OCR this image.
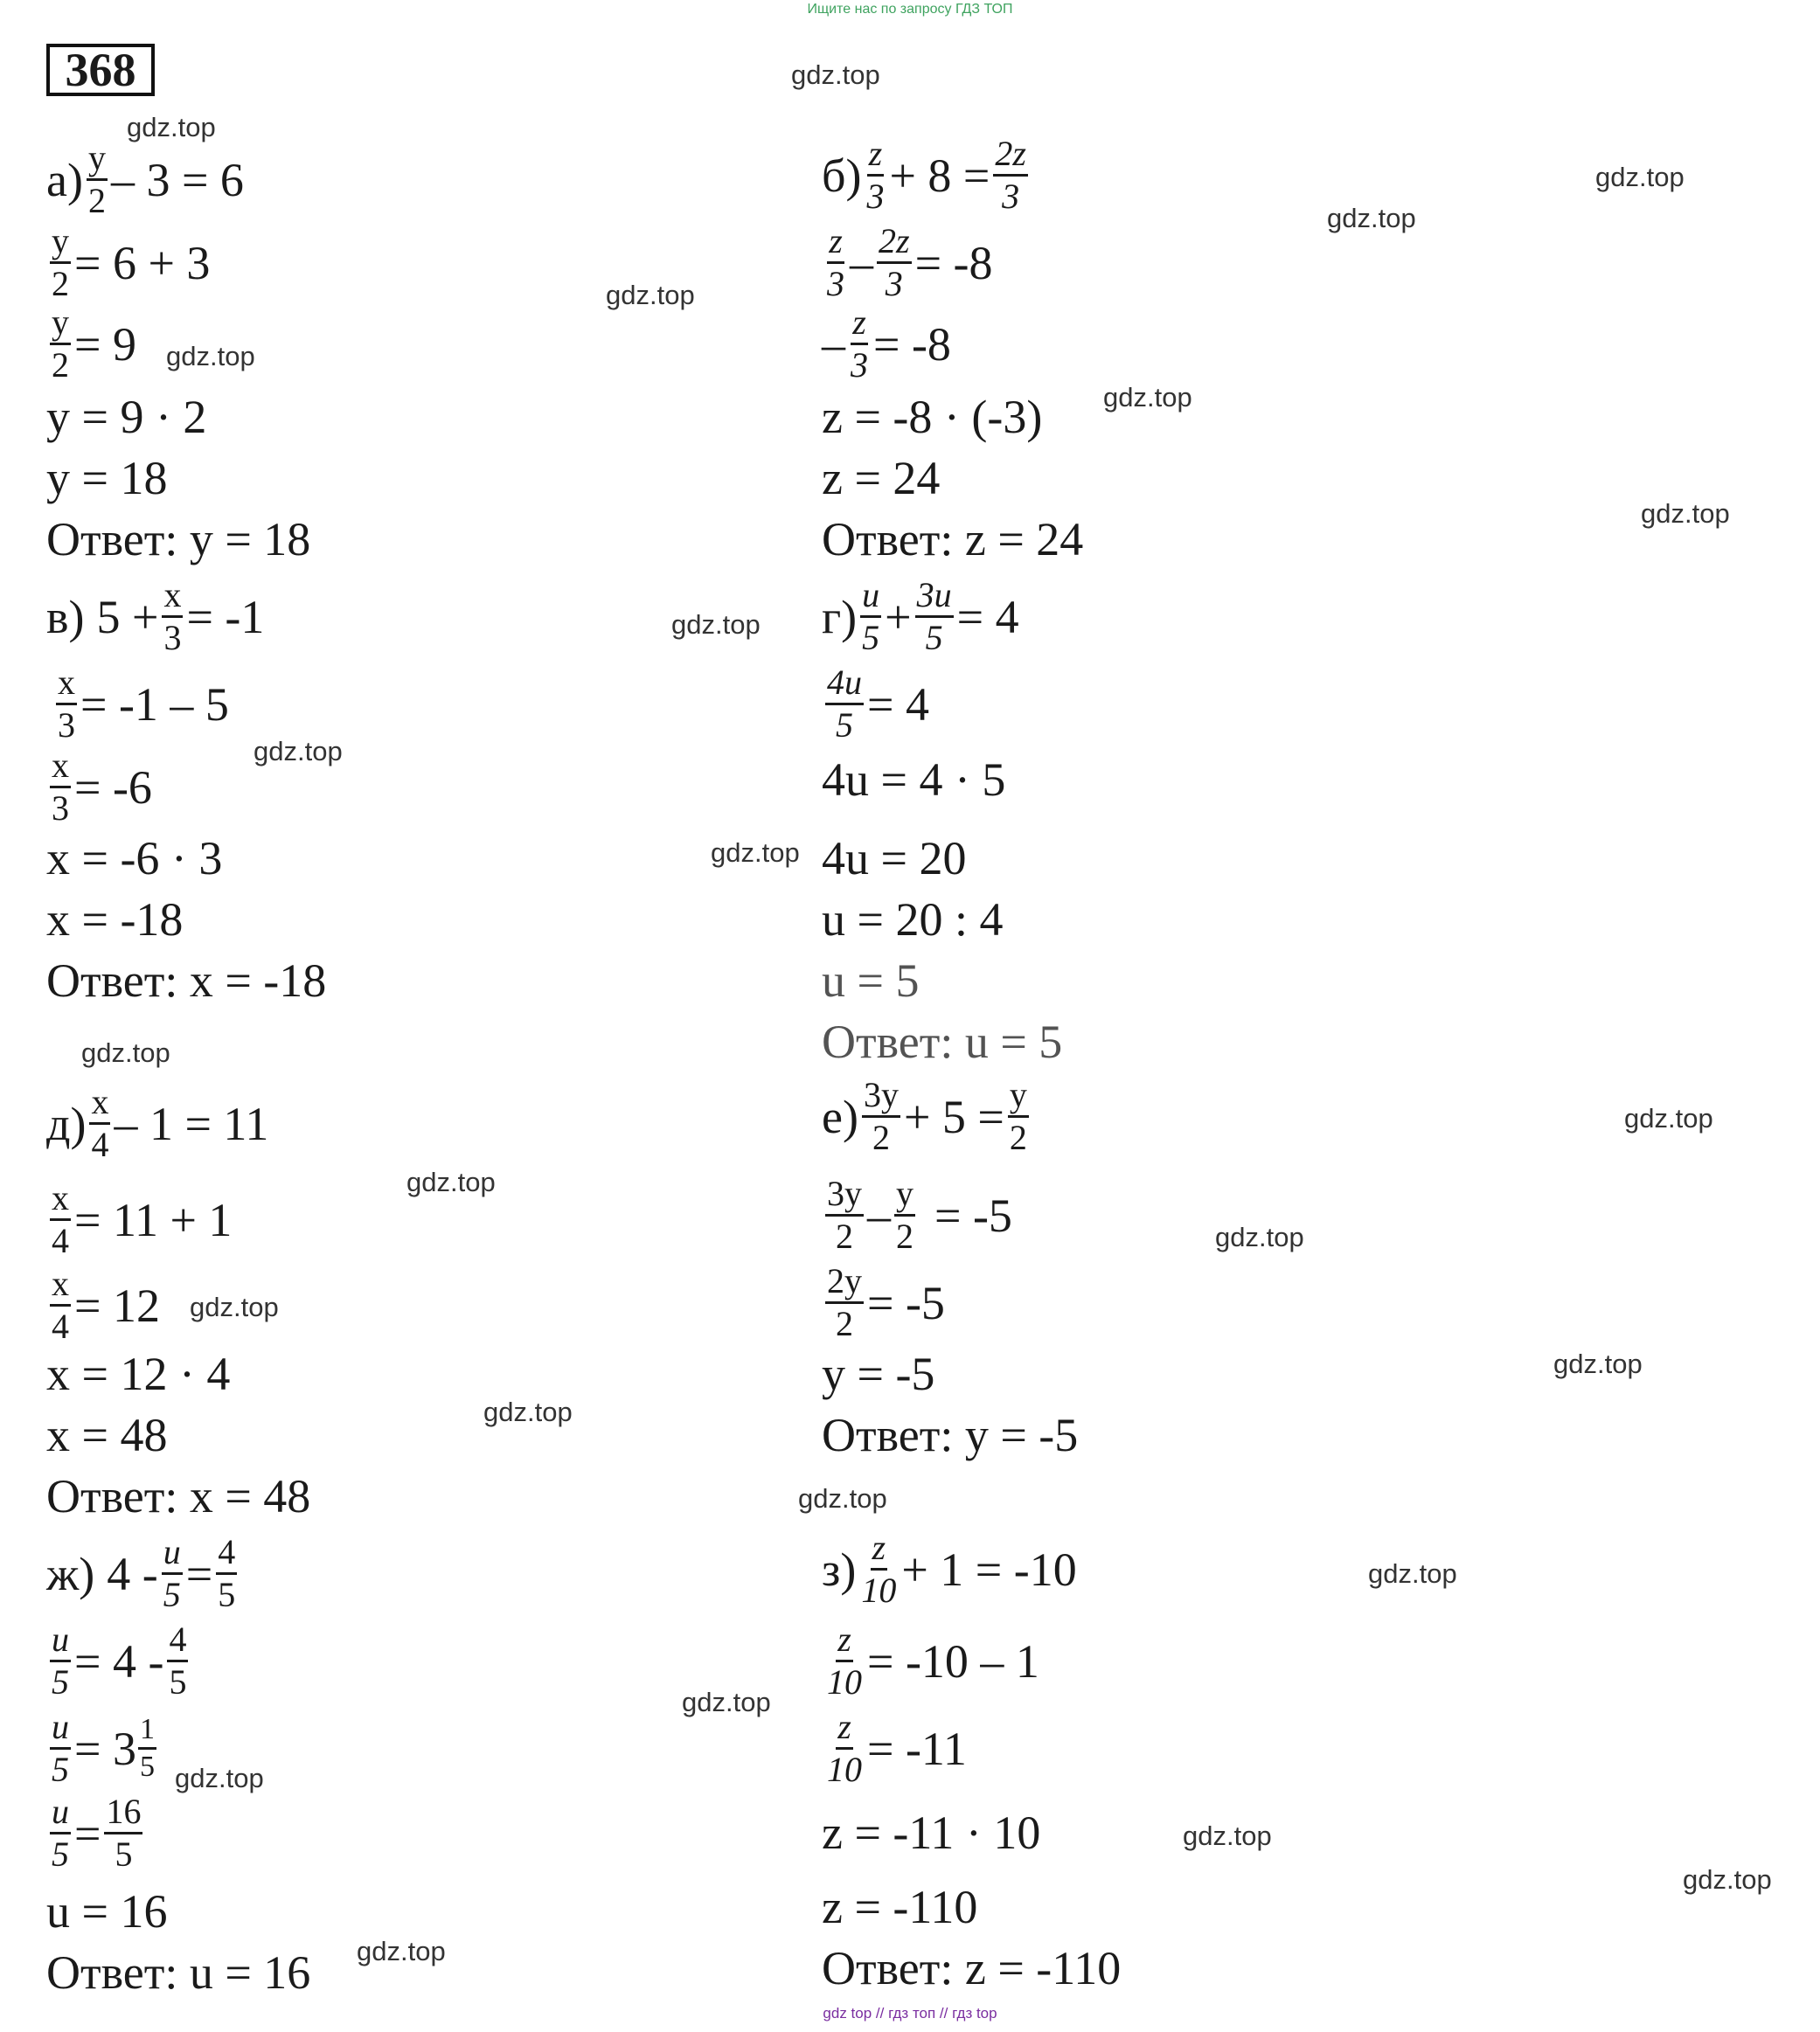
Ищите нас по запросу ГДЗ ТОП
368
$а) \frac{y}{2} - 3 = 6$
$\frac{y}{2} = 6 + 3$
$\frac{y}{2} = 9$
y = 9 · 2
y = 18
Ответ: y = 18
$б) \frac{z}{3} + 8 = \frac{2z}{3}$
$\frac{z}{3} - \frac{2z}{3} = -8$
– $\frac{z}{3} = -8$
z = -8 · (-3)
z = 24
Ответ: z = 24
в) $5 + \frac{x}{3} = -1$
$\frac{x}{3} = -1 - 5$
$\frac{x}{3} = -6$
x = -6 · 3
x = -18
Ответ: x = -18
$г) \frac{u}{5} + \frac{3u}{5} = 4$
$\frac{4u}{5} = 4$
4u = 4 · 5
4u = 20
u = 20 : 4
u = 5
Ответ: u = 5
$д) \frac{x}{4} - 1 = 11$
$\frac{x}{4} = 11 + 1$
$\frac{x}{4} = 12$
x = 12 · 4
x = 48
Ответ: x = 48
$е) \frac{3y}{2} + 5 = \frac{y}{2}$
$\frac{3y}{2} - \frac{y}{2} = -5$
$\frac{2y}{2} = -5$
y = -5
Ответ: y = -5
ж) $4 - \frac{u}{5} = \frac{4}{5}$
$\frac{u}{5} = 4 - \frac{4}{5}$
$\frac{u}{5} = 3 \frac{1}{5}$
$\frac{u}{5} = \frac{16}{5}$
u = 16
Ответ: u = 16
$з) \frac{z}{10} + 1 = -10$
$\frac{z}{10} = -10 - 1$
$\frac{z}{10} = -11$
z = -11 · 10
z = -110
Ответ: z = -110
gdz.top
gdz.top
gdz.top
gdz.top
gdz.top
gdz.top
gdz.top
gdz.top
gdz.top
gdz.top
gdz.top
gdz.top
gdz.top
gdz.top
gdz.top
gdz.top
gdz.top
gdz.top
gdz.top
gdz.top
gdz.top
gdz.top
gdz.top
gdz.top
gdz.top
gdz top // гдз топ // гдз top
